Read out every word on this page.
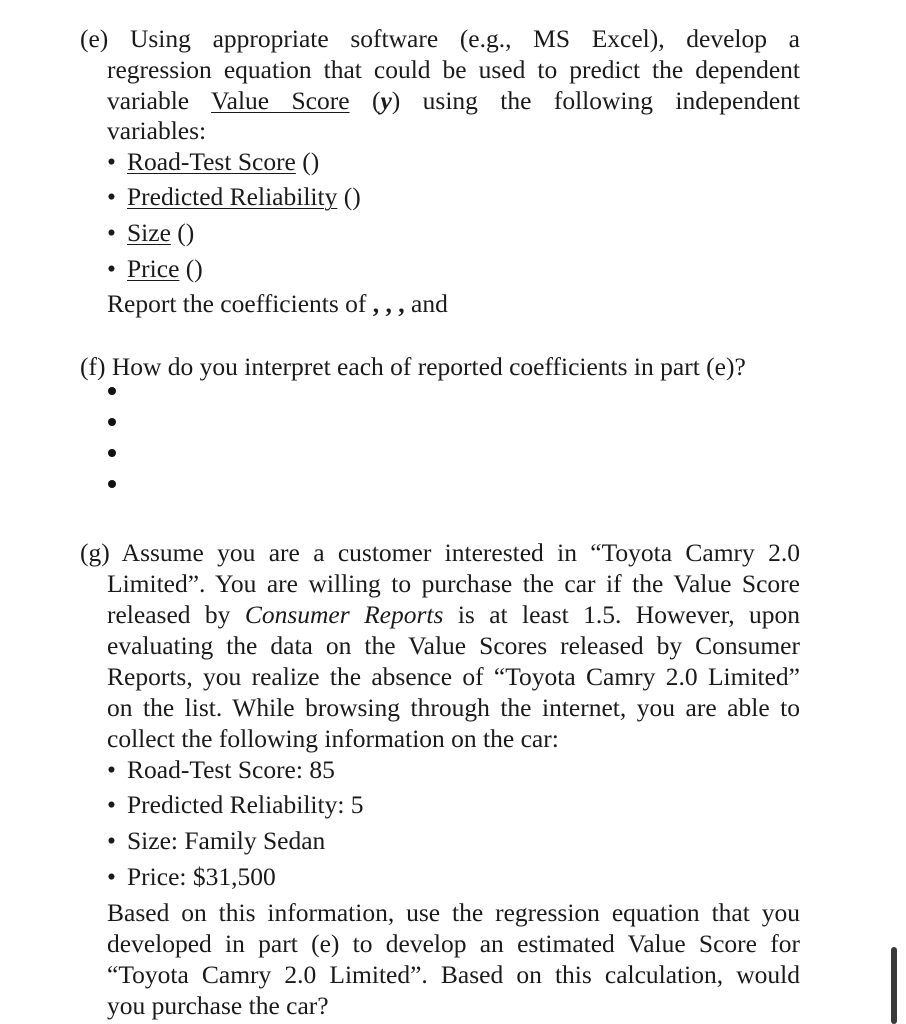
(e) Using appropriate software (e.g., MS Excel), develop a
regression equation that could be used to predict the dependent
variable Value Score (y) using the following independent
variables:
• Road-Test Score ()
• Predicted Reliability ()
• Size ()
• Price ()
Report the coefficients of , , , and
(f) How do you interpret each of reported coefficients in part (e)?
(g) Assume you are a customer interested in “Toyota Camry 2.0
Limited”. You are willing to purchase the car if the Value Score
released by Consumer Reports is at least 1.5. However, upon
evaluating the data on the Value Scores released by Consumer
Reports, you realize the absence of “Toyota Camry 2.0 Limited”
on the list. While browsing through the internet, you are able to
collect the following information on the car:
• Road-Test Score: 85
• Predicted Reliability: 5
• Size: Family Sedan
• Price: $31,500
Based on this information, use the regression equation that you
developed in part (e) to develop an estimated Value Score for
“Toyota Camry 2.0 Limited”. Based on this calculation, would
you purchase the car?
